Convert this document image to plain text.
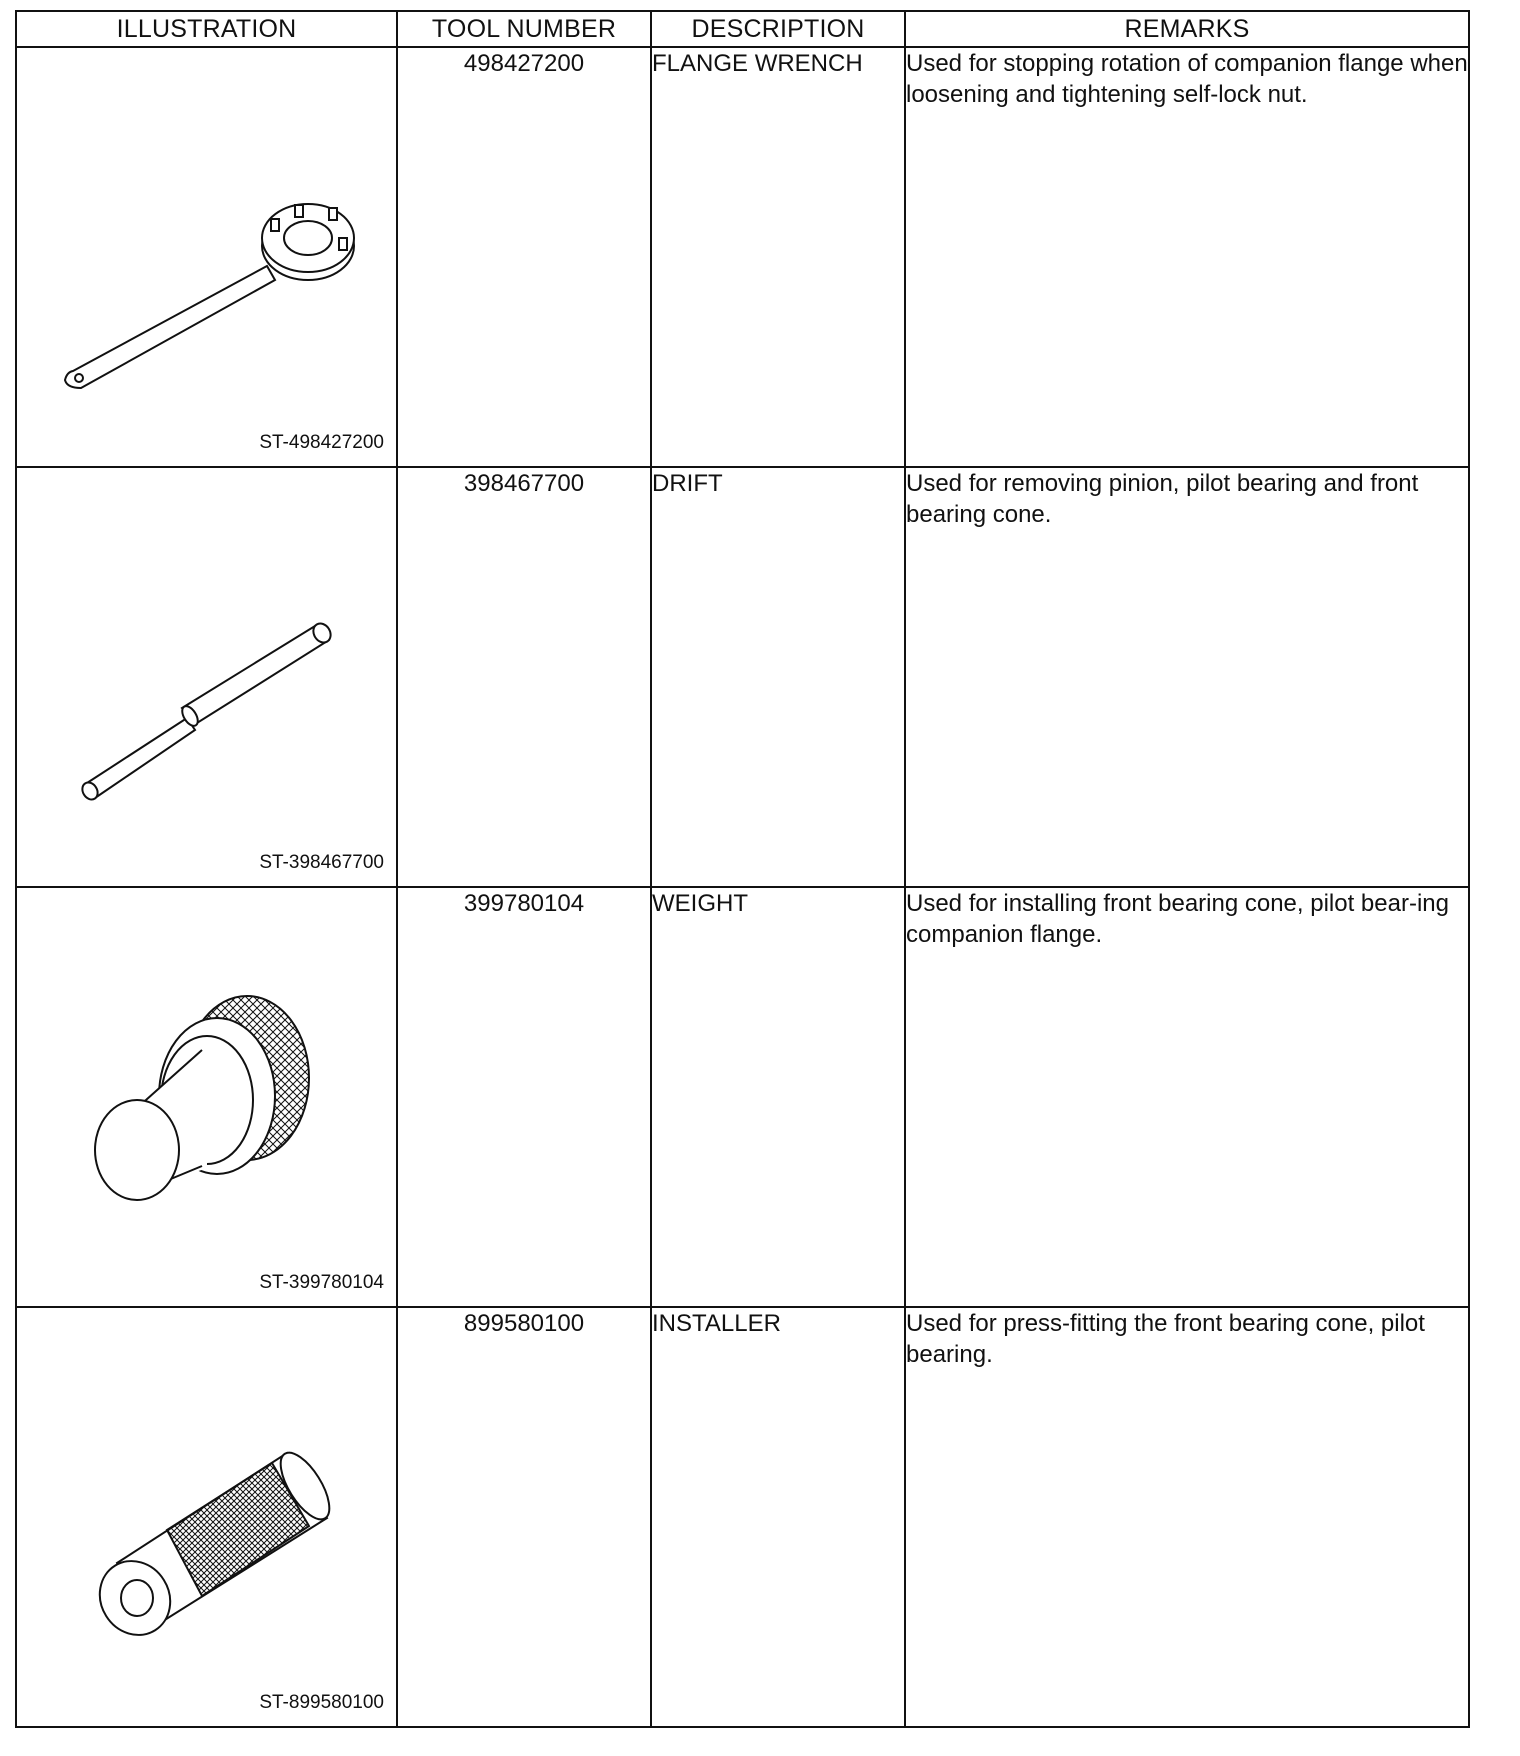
ILLUSTRATION	TOOL NUMBER	DESCRIPTION	REMARKS

ST-498427200	498427200	FLANGE WRENCH	Used for stopping rotation of companion flange when loosening and tightening self-lock nut.

ST-398467700	398467700	DRIFT	Used for removing pinion, pilot bearing and front bearing cone.

ST-399780104	399780104	WEIGHT	Used for installing front bearing cone, pilot bear-ing companion flange.

ST-899580100	899580100	INSTALLER	Used for press-fitting the front bearing cone, pilot bearing.
